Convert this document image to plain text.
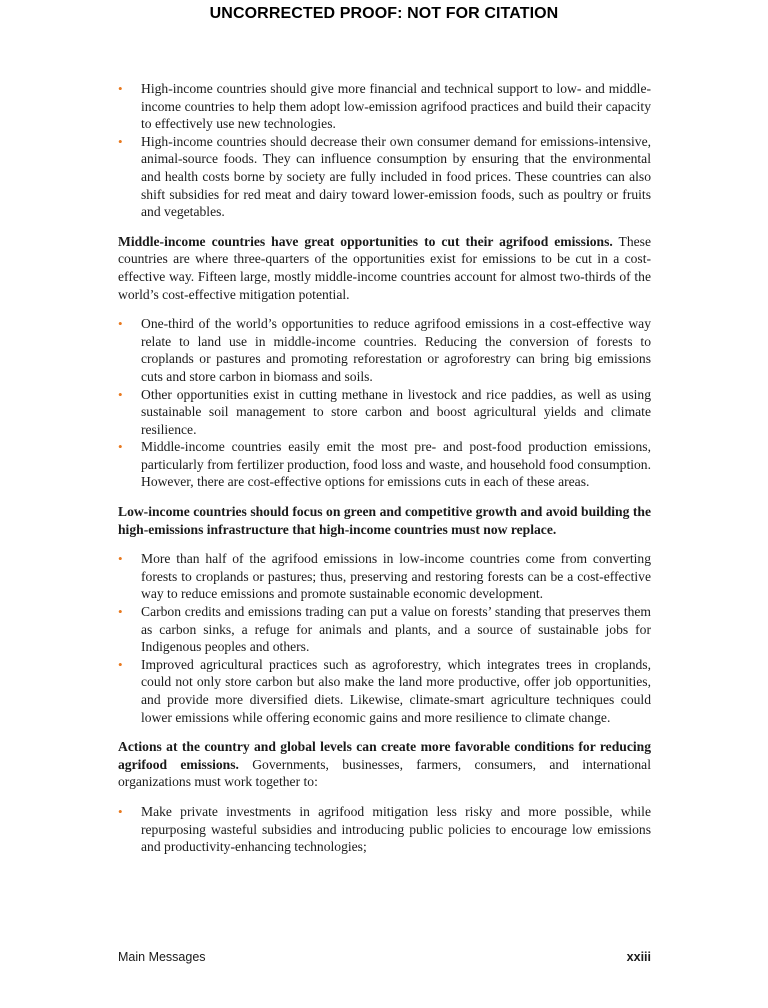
UNCORRECTED PROOF: NOT FOR CITATION
• High-income countries should give more financial and technical support to low- and middle-income countries to help them adopt low-emission agrifood practices and build their capacity to effectively use new technologies.
• High-income countries should decrease their own consumer demand for emissions-intensive, animal-source foods. They can influence consumption by ensuring that the environmental and health costs borne by society are fully included in food prices. These countries can also shift subsidies for red meat and dairy toward lower-emission foods, such as poultry or fruits and vegetables.

Middle-income countries have great opportunities to cut their agrifood emissions. These countries are where three-quarters of the opportunities exist for emissions to be cut in a cost-effective way. Fifteen large, mostly middle-income countries account for almost two-thirds of the world’s cost-effective mitigation potential.

• One-third of the world’s opportunities to reduce agrifood emissions in a cost-effective way relate to land use in middle-income countries. Reducing the conversion of forests to croplands or pastures and promoting reforestation or agroforestry can bring big emissions cuts and store carbon in biomass and soils.
• Other opportunities exist in cutting methane in livestock and rice paddies, as well as using sustainable soil management to store carbon and boost agricultural yields and climate resilience.
• Middle-income countries easily emit the most pre- and post-food production emissions, particularly from fertilizer production, food loss and waste, and household food consumption. However, there are cost-effective options for emissions cuts in each of these areas.

Low-income countries should focus on green and competitive growth and avoid building the high-emissions infrastructure that high-income countries must now replace.

• More than half of the agrifood emissions in low-income countries come from converting forests to croplands or pastures; thus, preserving and restoring forests can be a cost-effective way to reduce emissions and promote sustainable economic development.
• Carbon credits and emissions trading can put a value on forests’ standing that preserves them as carbon sinks, a refuge for animals and plants, and a source of sustainable jobs for Indigenous peoples and others.
• Improved agricultural practices such as agroforestry, which integrates trees in croplands, could not only store carbon but also make the land more productive, offer job opportunities, and provide more diversified diets. Likewise, climate-smart agriculture techniques could lower emissions while offering economic gains and more resilience to climate change.

Actions at the country and global levels can create more favorable conditions for reducing agrifood emissions. Governments, businesses, farmers, consumers, and international organizations must work together to:

• Make private investments in agrifood mitigation less risky and more possible, while repurposing wasteful subsidies and introducing public policies to encourage low emissions and productivity-enhancing technologies;
Main Messages	xxiii
